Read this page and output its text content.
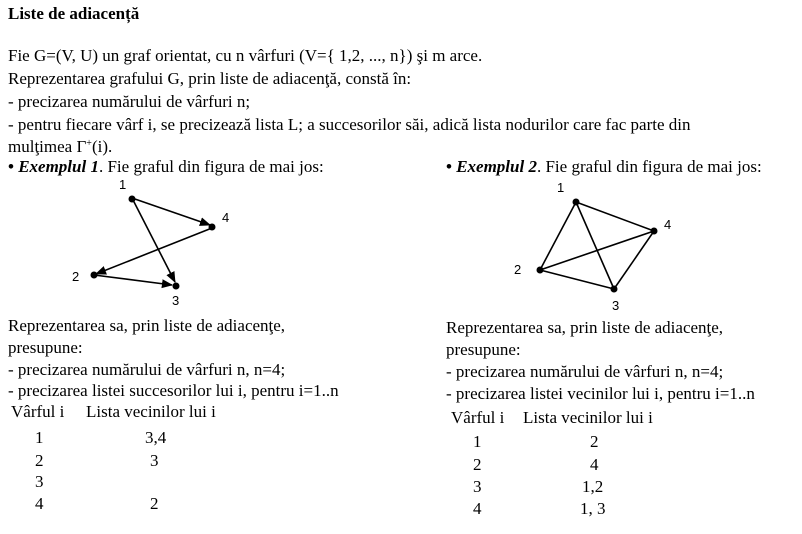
Liste de adiacență
Fie G=(V, U) un graf orientat, cu n vârfuri (V={ 1,2, ..., n}) şi m arce.
Reprezentarea grafului G, prin liste de adiacenţă, constă în:
- precizarea numărului de vârfuri n;
- pentru fiecare vârf i, se precizează lista L; a succesorilor săi, adică lista nodurilor care fac parte din
mulţimea Γ+(i).
• Exemplul 1. Fie graful din figura de mai jos:	• Exemplul 2. Fie graful din figura de mai jos:
1
2
3
4
1
2
3
4
Reprezentarea sa, prin liste de adiacenţe,
presupune:
- precizarea numărului de vârfuri n, n=4;
- precizarea listei succesorilor lui i, pentru i=1..n
Vârful i Lista vecinilor lui i
1	3,4
2	3
3
4	2
Reprezentarea sa, prin liste de adiacenţe,
presupune:
- precizarea numărului de vârfuri n, n=4;
- precizarea listei vecinilor lui i, pentru i=1..n
Vârful i Lista vecinilor lui i
1	2
2	4
3	1,2
4	1, 3
